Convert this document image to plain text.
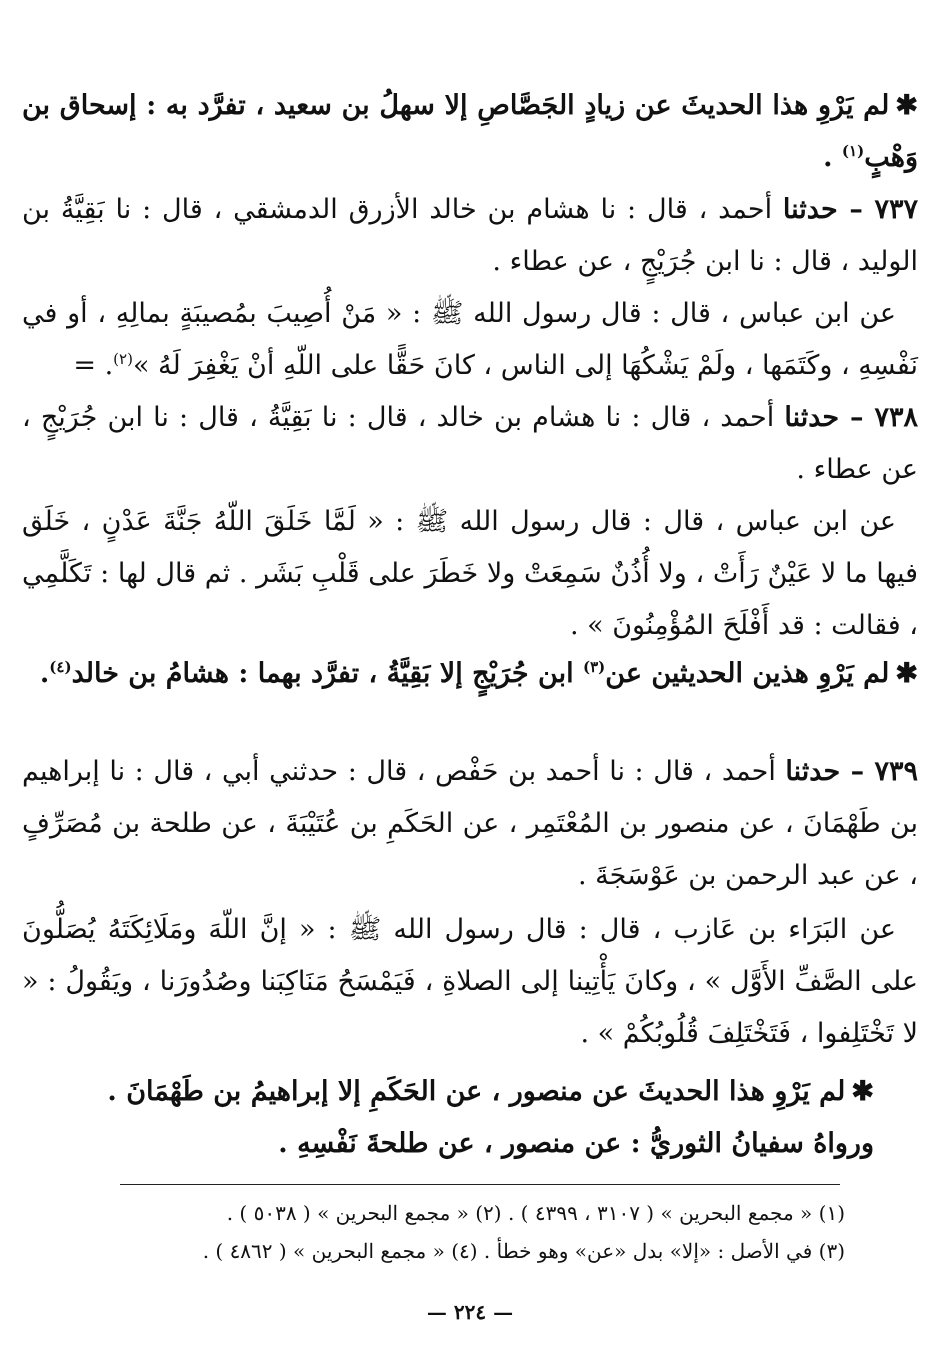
✱لم يَرْوِ هذا الحديثَ عن زيادٍ الجَصَّاصِ إلا سهلُ بن سعيد ، تفرَّد به : إسحاق بن وَهْبٍ$^{(١)}$ .
٧٣٧ – حدثنا أحمد ، قال : نا هشام بن خالد الأزرق الدمشقي ، قال : نا بَقِيَّةُ بن الوليد ، قال : نا ابن جُرَيْجٍ ، عن عطاء .
عن ابن عباس ، قال : قال رسول الله ﷺ : « مَنْ أُصِيبَ بمُصيبَةٍ بمالِهِ ، أو في نَفْسِهِ ، وكَتَمَها ، ولَمْ يَشْكُهَا إلى الناس ، كانَ حَقًّا على اللّهِ أنْ يَغْفِرَ لَهُ »$^{(٢)}$. =
٧٣٨ – حدثنا أحمد ، قال : نا هشام بن خالد ، قال : نا بَقِيَّةُ ، قال : نا ابن جُرَيْجٍ ، عن عطاء .
عن ابن عباس ، قال : قال رسول الله ﷺ : « لَمَّا خَلَقَ اللّهُ جَنَّةَ عَدْنٍ ، خَلَق فيها ما لا عَيْنٌ رَأَتْ ، ولا أُذُنٌ سَمِعَتْ ولا خَطَرَ على قَلْبِ بَشَر . ثم قال لها : تَكَلَّمِي ، فقالت : قد أَفْلَحَ المُؤْمِنُونَ » .
✱لم يَرْوِ هذين الحديثين عن$^{(٣)}$ ابن جُرَيْجٍ إلا بَقِيَّةُ ، تفرَّد بهما : هشامُ بن خالد$^{(٤)}$.
٧٣٩ – حدثنا أحمد ، قال : نا أحمد بن حَفْص ، قال : حدثني أبي ، قال : نا إبراهيم بن طَهْمَانَ ، عن منصور بن المُعْتَمِر ، عن الحَكَمِ بن عُتَيْبَةَ ، عن طلحة بن مُصَرِّفٍ ، عن عبد الرحمن بن عَوْسَجَةَ .
عن البَرَاء بن عَازب ، قال : قال رسول الله ﷺ : « إنَّ اللّهَ ومَلَائِكَتَهُ يُصَلُّونَ على الصَّفِّ الأَوَّل » ، وكانَ يَأْتِينا إلى الصلاةِ ، فَيَمْسَحُ مَنَاكِبَنا وصُدُورَنا ، ويَقُولُ : « لا تَخْتَلِفوا ، فَتَخْتَلِفَ قُلُوبُكُمْ » .
✱لم يَرْوِ هذا الحديثَ عن منصور ، عن الحَكَمِ إلا إبراهيمُ بن طَهْمَانَ .
ورواهُ سفيانُ الثوريُّ : عن منصور ، عن طلحةَ نَفْسِهِ .
(١) « مجمع البحرين » ( ٣١٠٧ ، ٤٣٩٩ ) . (٢) « مجمع البحرين » ( ٥٠٣٨ ) .
(٣) في الأصل : «إلا» بدل «عن» وهو خطأ . (٤) « مجمع البحرين » ( ٤٨٦٢ ) .
— ٢٢٤ —
